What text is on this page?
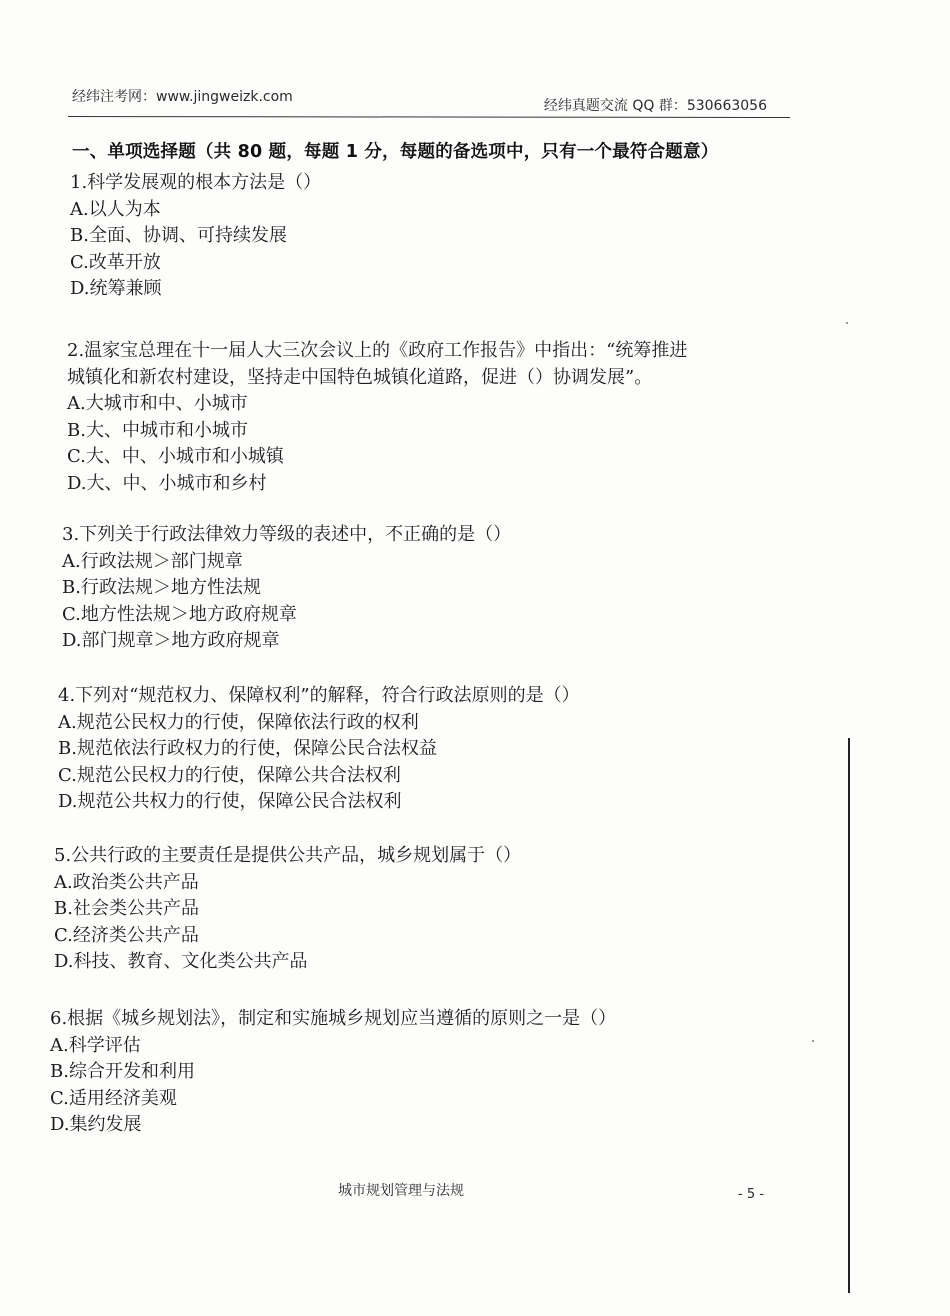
经纬注考网：www.jingweizk.com
经纬真题交流 QQ 群：530663056
一、单项选择题（共 80 题，每题 1 分，每题的备选项中，只有一个最符合题意）
1.科学发展观的根本方法是（）
A.以人为本
B.全面、协调、可持续发展
C.改革开放
D.统筹兼顾
2.温家宝总理在十一届人大三次会议上的《政府工作报告》中指出：“统筹推进
城镇化和新农村建设，坚持走中国特色城镇化道路，促进（）协调发展”。
A.大城市和中、小城市
B.大、中城市和小城市
C.大、中、小城市和小城镇
D.大、中、小城市和乡村
3.下列关于行政法律效力等级的表述中，不正确的是（）
A.行政法规＞部门规章
B.行政法规＞地方性法规
C.地方性法规＞地方政府规章
D.部门规章＞地方政府规章
4.下列对“规范权力、保障权利”的解释，符合行政法原则的是（）
A.规范公民权力的行使，保障依法行政的权利
B.规范依法行政权力的行使，保障公民合法权益
C.规范公民权力的行使，保障公共合法权利
D.规范公共权力的行使，保障公民合法权利
5.公共行政的主要责任是提供公共产品，城乡规划属于（）
A.政治类公共产品
B.社会类公共产品
C.经济类公共产品
D.科技、教育、文化类公共产品
6.根据《城乡规划法》，制定和实施城乡规划应当遵循的原则之一是（）
A.科学评估
B.综合开发和利用
C.适用经济美观
D.集约发展
城市规划管理与法规	- 5 -
